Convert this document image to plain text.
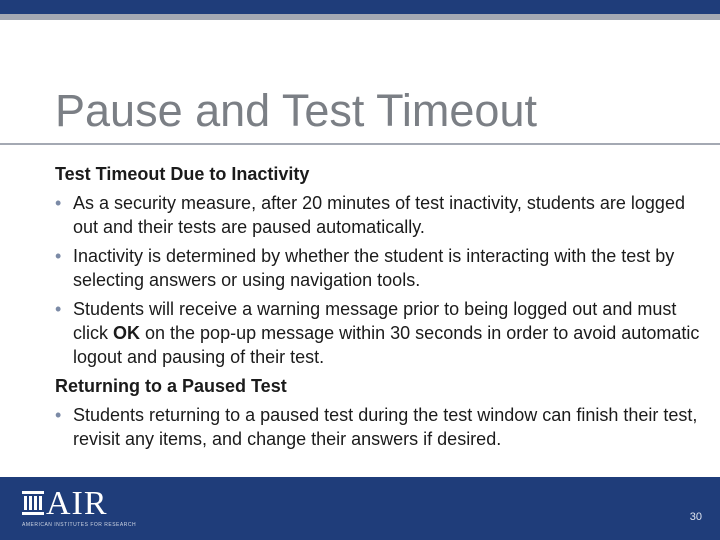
Pause and Test Timeout

Test Timeout Due to Inactivity

• As a security measure, after 20 minutes of test inactivity, students are logged out and their tests are paused automatically.

• Inactivity is determined by whether the student is interacting with the test by selecting answers or using navigation tools.

• Students will receive a warning message prior to being logged out and must click OK on the pop-up message within 30 seconds in order to avoid automatic logout and pausing of their test.

Returning to a Paused Test

• Students returning to a paused test during the test window can finish their test, revisit any items, and change their answers if desired.

AIR
AMERICAN INSTITUTES FOR RESEARCH
30
